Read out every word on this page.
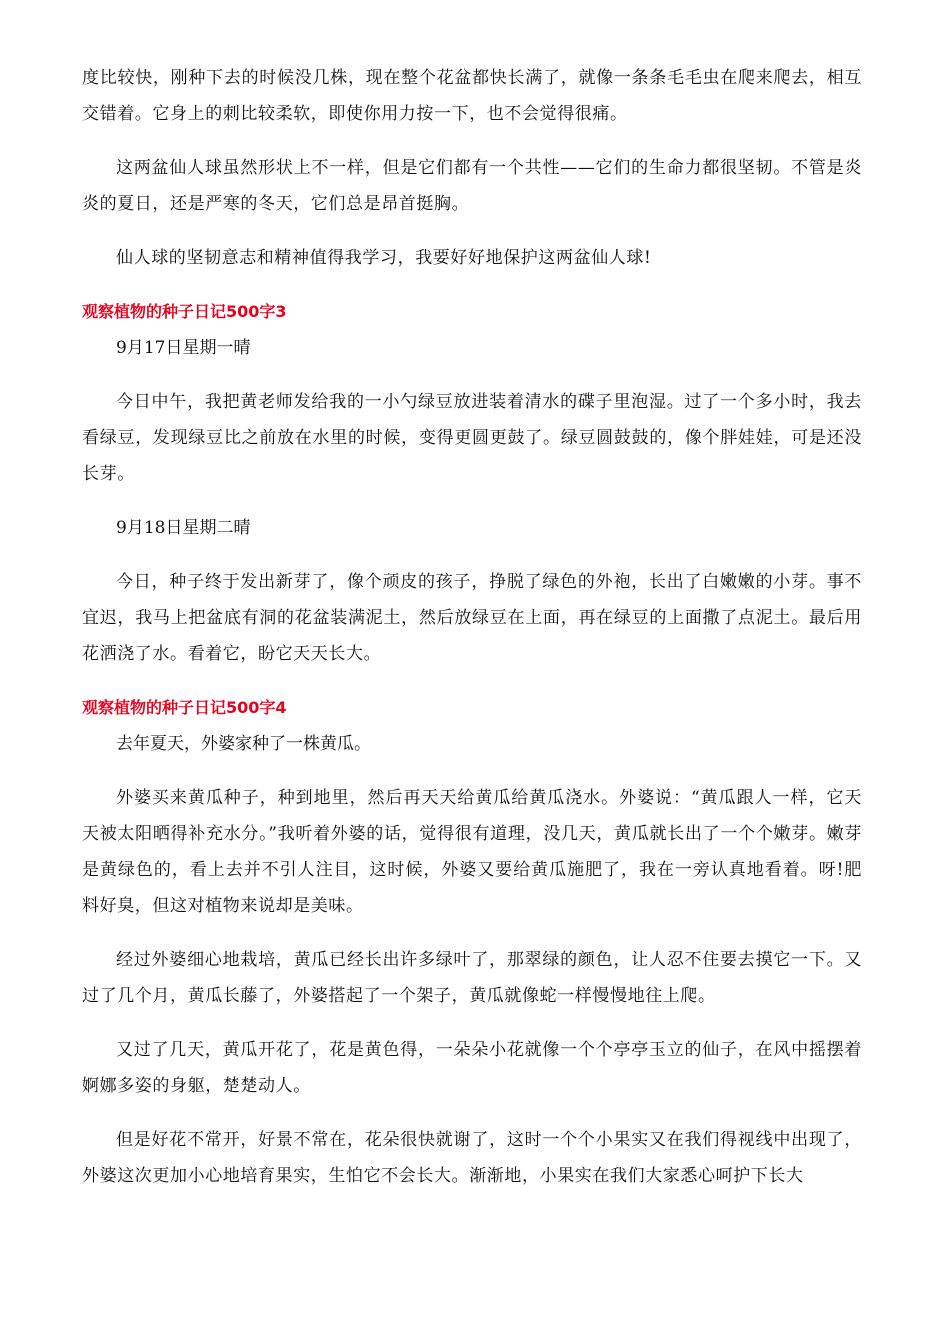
度比较快，刚种下去的时候没几株，现在整个花盆都快长满了，就像一条条毛毛虫在爬来爬去，相互交错着。它身上的刺比较柔软，即使你用力按一下，也不会觉得很痛。

这两盆仙人球虽然形状上不一样，但是它们都有一个共性——它们的生命力都很坚韧。不管是炎炎的夏日，还是严寒的冬天，它们总是昂首挺胸。

仙人球的坚韧意志和精神值得我学习，我要好好地保护这两盆仙人球!

观察植物的种子日记500字3

9月17日星期一晴

今日中午，我把黄老师发给我的一小勺绿豆放进装着清水的碟子里泡湿。过了一个多小时，我去看绿豆，发现绿豆比之前放在水里的时候，变得更圆更鼓了。绿豆圆鼓鼓的，像个胖娃娃，可是还没长芽。

9月18日星期二晴

今日，种子终于发出新芽了，像个顽皮的孩子，挣脱了绿色的外袍，长出了白嫩嫩的小芽。事不宜迟，我马上把盆底有洞的花盆装满泥土，然后放绿豆在上面，再在绿豆的上面撒了点泥土。最后用花洒浇了水。看着它，盼它天天长大。

观察植物的种子日记500字4

去年夏天，外婆家种了一株黄瓜。

外婆买来黄瓜种子，种到地里，然后再天天给黄瓜给黄瓜浇水。外婆说：“黄瓜跟人一样，它天天被太阳晒得补充水分。”我听着外婆的话，觉得很有道理，没几天，黄瓜就长出了一个个嫩芽。嫩芽是黄绿色的，看上去并不引人注目，这时候，外婆又要给黄瓜施肥了，我在一旁认真地看着。呀!肥料好臭，但这对植物来说却是美味。

经过外婆细心地栽培，黄瓜已经长出许多绿叶了，那翠绿的颜色，让人忍不住要去摸它一下。又过了几个月，黄瓜长藤了，外婆搭起了一个架子，黄瓜就像蛇一样慢慢地往上爬。

又过了几天，黄瓜开花了，花是黄色得，一朵朵小花就像一个个亭亭玉立的仙子，在风中摇摆着婀娜多姿的身躯，楚楚动人。

但是好花不常开，好景不常在，花朵很快就谢了，这时一个个小果实又在我们得视线中出现了，外婆这次更加小心地培育果实，生怕它不会长大。渐渐地，小果实在我们大家悉心呵护下长大
